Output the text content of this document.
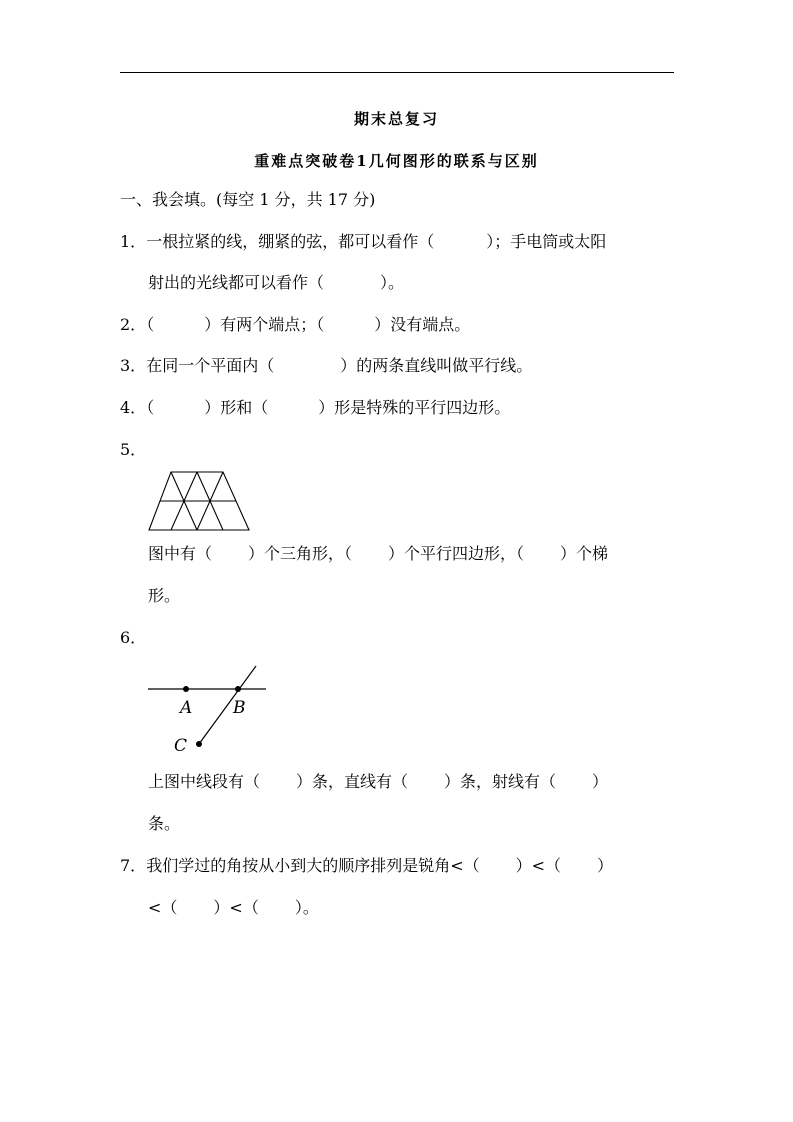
期末总复习
重难点突破卷1几何图形的联系与区别
一、我会填。(每空 1 分，共 17 分)
1．一根拉紧的线，绷紧的弦，都可以看作（	）；手电筒或太阳
射出的光线都可以看作（	）。
2．（	）有两个端点；（	）没有端点。
3．在同一个平面内（	）的两条直线叫做平行线。
4．（	）形和（	）形是特殊的平行四边形。
5．
图中有（ ）个三角形，（ ）个平行四边形，（ ）个梯
形。
6．
A B
C
上图中线段有（ ）条，直线有（ ）条，射线有（ ）
条。
7．我们学过的角按从小到大的顺序排列是锐角<（ ）<（ ）
<（ ）<（ ）。
